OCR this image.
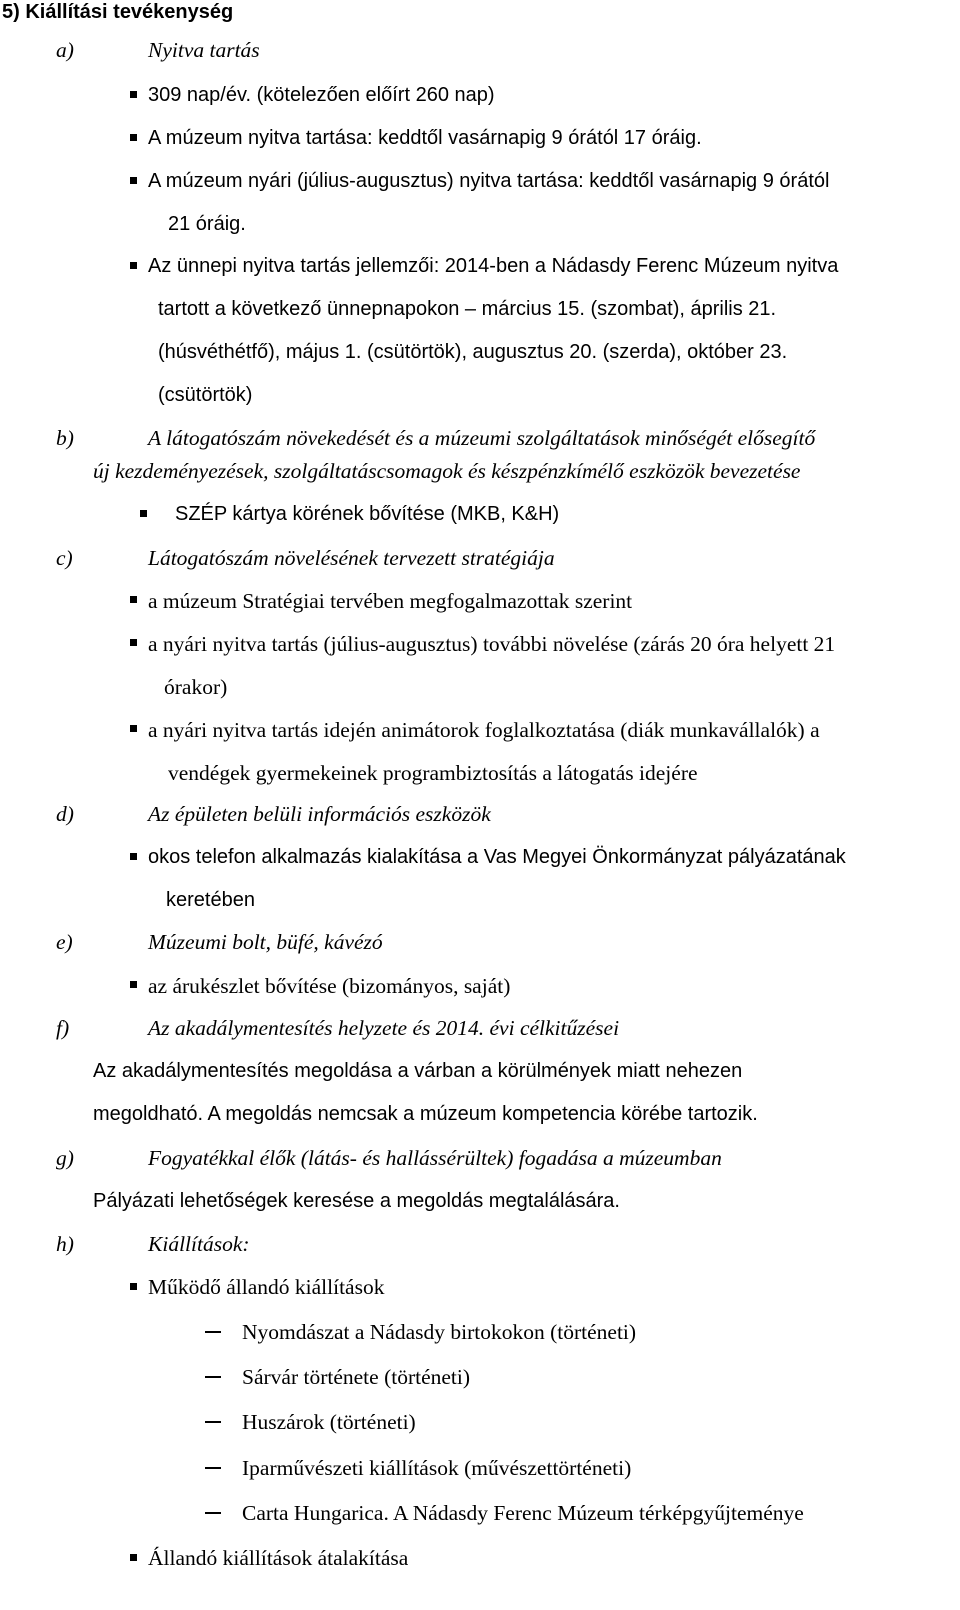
5) Kiállítási tevékenység
a)	Nyitva tartás
309 nap/év. (kötelezően előírt 260 nap)
A múzeum nyitva tartása: keddtől vasárnapig 9 órától 17 óráig.
A múzeum nyári (július-augusztus) nyitva tartása: keddtől vasárnapig 9 órától
21 óráig.
Az ünnepi nyitva tartás jellemzői: 2014-ben a Nádasdy Ferenc Múzeum nyitva
tartott a következő ünnepnapokon – március 15. (szombat), április 21.
(húsvéthétfő), május 1. (csütörtök), augusztus 20. (szerda), október 23.
(csütörtök)
b)	A látogatószám növekedését és a múzeumi szolgáltatások minőségét elősegítő
új kezdeményezések, szolgáltatáscsomagok és készpénzkímélő eszközök bevezetése
SZÉP kártya körének bővítése (MKB, K&H)
c)	Látogatószám növelésének tervezett stratégiája
a múzeum Stratégiai tervében megfogalmazottak szerint
a nyári nyitva tartás (július-augusztus) további növelése (zárás 20 óra helyett 21
órakor)
a nyári nyitva tartás idején animátorok foglalkoztatása (diák munkavállalók) a
vendégek gyermekeinek programbiztosítás a látogatás idejére
d)	Az épületen belüli információs eszközök
okos telefon alkalmazás kialakítása a Vas Megyei Önkormányzat pályázatának
keretében
e)	Múzeumi bolt, büfé, kávézó
az árukészlet bővítése (bizományos, saját)
f)	Az akadálymentesítés helyzete és 2014. évi célkitűzései
Az akadálymentesítés megoldása a várban a körülmények miatt nehezen
megoldható. A megoldás nemcsak a múzeum kompetencia körébe tartozik.
g)	Fogyatékkal élők (látás- és hallássérültek) fogadása a múzeumban
Pályázati lehetőségek keresése a megoldás megtalálására.
h)	Kiállítások:
Működő állandó kiállítások
Nyomdászat a Nádasdy birtokokon (történeti)
Sárvár története (történeti)
Huszárok (történeti)
Iparművészeti kiállítások (művészettörténeti)
Carta Hungarica. A Nádasdy Ferenc Múzeum térképgyűjteménye
Állandó kiállítások átalakítása
